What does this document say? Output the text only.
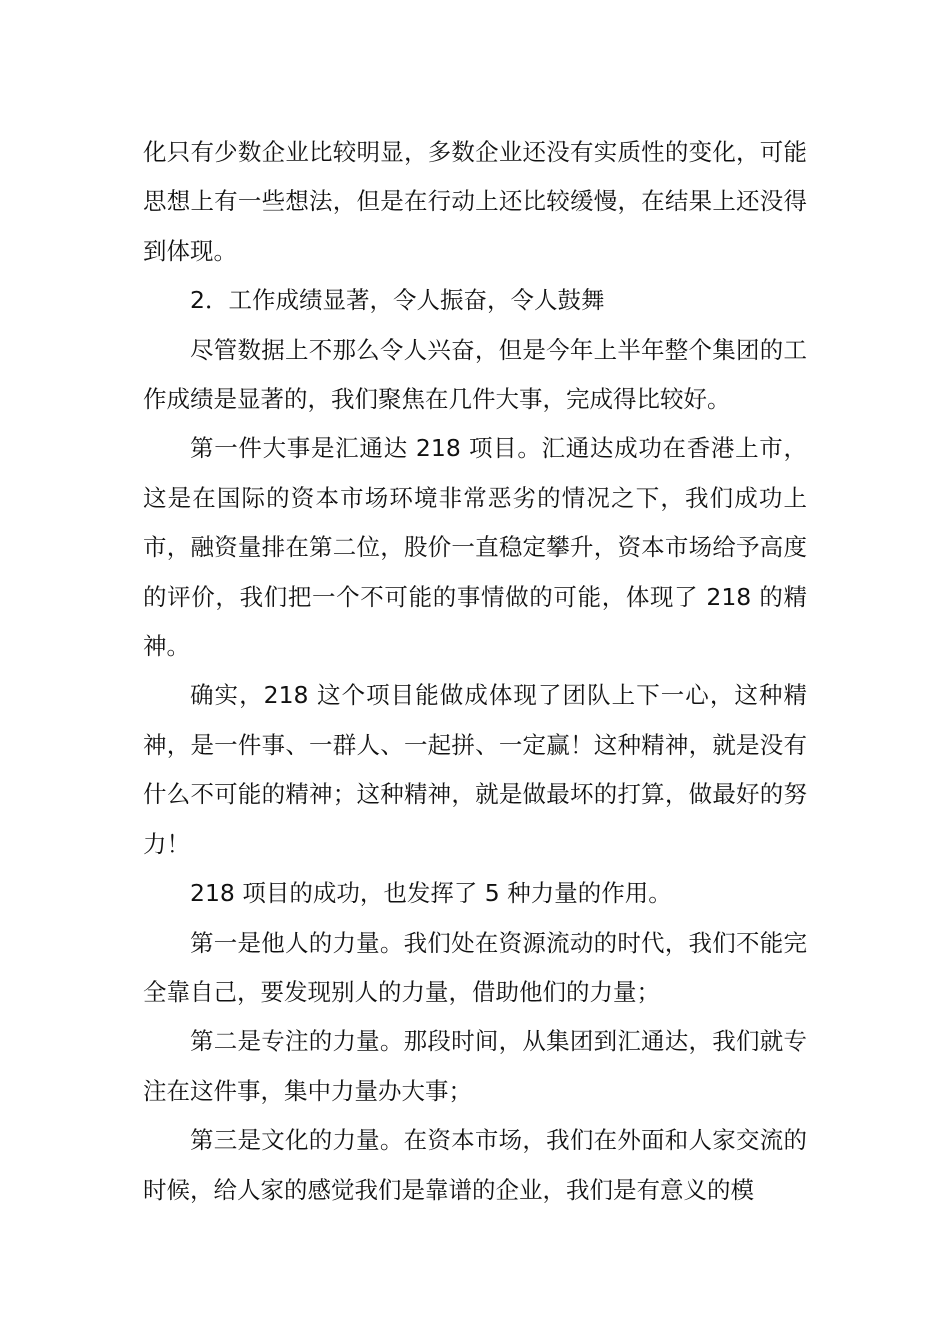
化只有少数企业比较明显，多数企业还没有实质性的变化，可能思想上有一些想法，但是在行动上还比较缓慢，在结果上还没得到体现。

2．工作成绩显著，令人振奋，令人鼓舞

尽管数据上不那么令人兴奋，但是今年上半年整个集团的工作成绩是显著的，我们聚焦在几件大事，完成得比较好。

第一件大事是汇通达 218 项目。汇通达成功在香港上市，这是在国际的资本市场环境非常恶劣的情况之下，我们成功上市，融资量排在第二位，股价一直稳定攀升，资本市场给予高度的评价，我们把一个不可能的事情做的可能，体现了 218 的精神。

确实，218 这个项目能做成体现了团队上下一心，这种精神，是一件事、一群人、一起拼、一定赢！这种精神，就是没有什么不可能的精神；这种精神，就是做最坏的打算，做最好的努力！

218 项目的成功，也发挥了 5 种力量的作用。

第一是他人的力量。我们处在资源流动的时代，我们不能完全靠自己，要发现别人的力量，借助他们的力量；

第二是专注的力量。那段时间，从集团到汇通达，我们就专注在这件事，集中力量办大事；

第三是文化的力量。在资本市场，我们在外面和人家交流的时候，给人家的感觉我们是靠谱的企业，我们是有意义的模
